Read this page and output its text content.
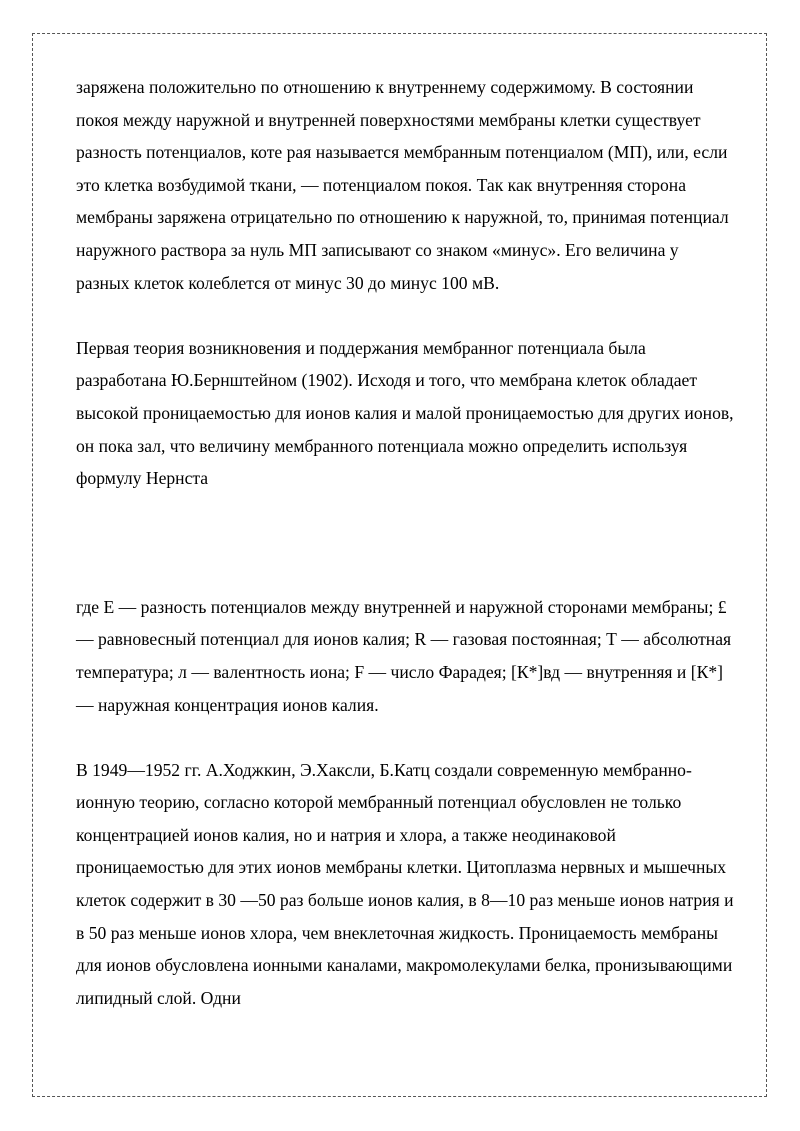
заряжена положительно по отношению к внутреннему содержимому. В состоянии покоя между наружной и внутренней поверхностями мембраны клетки существует разность потенциалов, коте рая называется мембранным потенциалом (МП), или, если это клетка возбудимой ткани, — потенциалом покоя. Так как внутренняя сторона мембраны заряжена отрицательно по отношению к наружной, то, принимая потенциал наружного раствора за нуль МП записывают со знаком «минус». Его величина у разных клеток колеблется от минус 30 до минус 100 мВ.

Первая теория возникновения и поддержания мембранног потенциала была разработана Ю.Бернштейном (1902). Исходя и того, что мембрана клеток обладает высокой проницаемостью для ионов калия и малой проницаемостью для других ионов, он пока зал, что величину мембранного потенциала можно определить используя формулу Нернста

где Е — разность потенциалов между внутренней и наружной сторонами мембраны; £ — равновесный потенциал для ионов калия; R — газовая постоянная; Т — абсолютная температура; л — валентность иона; F — число Фарадея; [К*]вд — внутренняя и [К*] — наружная концентрация ионов калия.

В 1949—1952 гг. А.Ходжкин, Э.Хаксли, Б.Катц создали современную мембранно-ионную теорию, согласно которой мембранный потенциал обусловлен не только концентрацией ионов калия, но и натрия и хлора, а также неодинаковой проницаемостью для этих ионов мембраны клетки. Цитоплазма нервных и мышечных клеток содержит в 30 —50 раз больше ионов калия, в 8—10 раз меньше ионов натрия и в 50 раз меньше ионов хлора, чем внеклеточная жидкость. Проницаемость мембраны для ионов обусловлена ионными каналами, макромолекулами белка, пронизывающими липидный слой. Одни
